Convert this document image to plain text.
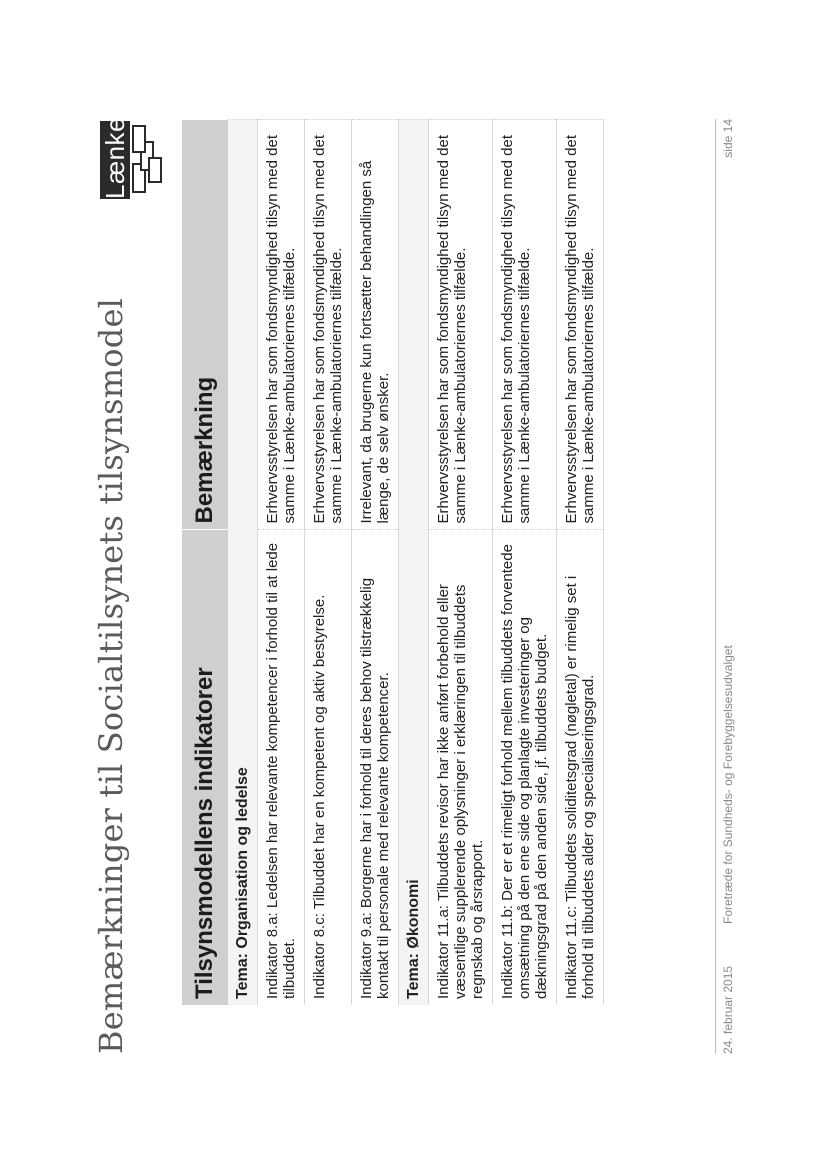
Bemærkninger til Socialtilsynets tilsynsmodel
Lænken
Tilsynsmodellens indikatorer	Bemærkning
Tema: Organisation og ledelse	
Indikator 8.a: Ledelsen har relevante kompetencer i forhold til at lede tilbuddet.	Erhvervsstyrelsen har som fondsmyndighed tilsyn med det samme i Lænke-ambulatoriernes tilfælde.
Indikator 8.c: Tilbuddet har en kompetent og aktiv bestyrelse.	Erhvervsstyrelsen har som fondsmyndighed tilsyn med det samme i Lænke-ambulatoriernes tilfælde.
Indikator 9.a: Borgerne har i forhold til deres behov tilstrækkelig kontakt til personale med relevante kompetencer.	Irrelevant, da brugerne kun fortsætter behandlingen så længe, de selv ønsker.
Tema: Økonomi	
Indikator 11.a: Tilbuddets revisor har ikke anført forbehold eller væsentlige supplerende oplysninger i erklæringen til tilbuddets regnskab og årsrapport.	Erhvervsstyrelsen har som fondsmyndighed tilsyn med det samme i Lænke-ambulatoriernes tilfælde.
Indikator 11.b: Der er et rimeligt forhold mellem tilbuddets forventede omsætning på den ene side og planlagte investeringer og dækningsgrad på den anden side, jf. tilbuddets budget.	Erhvervsstyrelsen har som fondsmyndighed tilsyn med det samme i Lænke-ambulatoriernes tilfælde.
Indikator 11.c: Tilbuddets soliditetsgrad (nøgletal) er rimelig set i forhold til tilbuddets alder og specialiseringsgrad.	Erhvervsstyrelsen har som fondsmyndighed tilsyn med det samme i Lænke-ambulatoriernes tilfælde.
24. februar 2015
Foretræde for Sundheds- og Forebyggelsesudvalget
side 14
